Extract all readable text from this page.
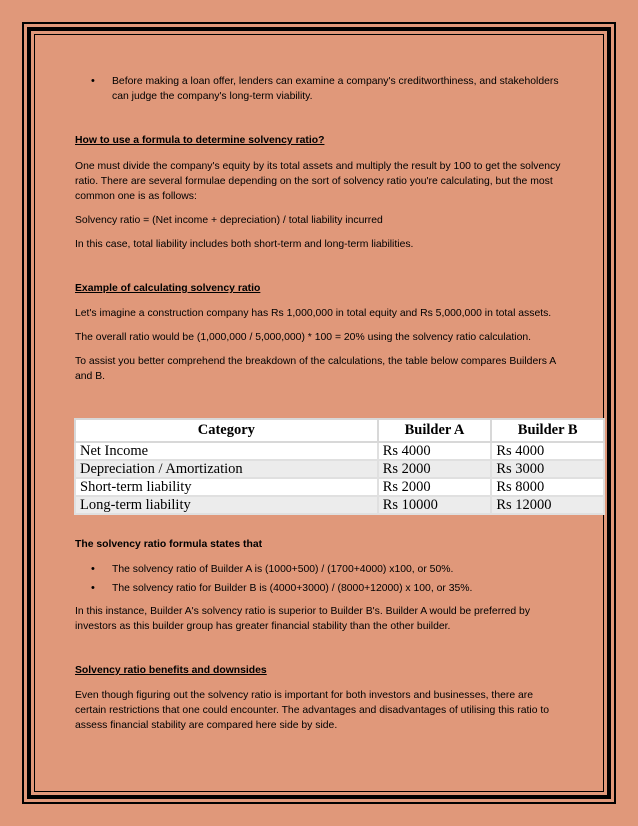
• Before making a loan offer, lenders can examine a company's creditworthiness, and stakeholders can judge the company's long-term viability.

How to use a formula to determine solvency ratio?

One must divide the company's equity by its total assets and multiply the result by 100 to get the solvency ratio. There are several formulae depending on the sort of solvency ratio you're calculating, but the most common one is as follows:

Solvency ratio = (Net income + depreciation) / total liability incurred

In this case, total liability includes both short-term and long-term liabilities.

Example of calculating solvency ratio

Let's imagine a construction company has Rs 1,000,000 in total equity and Rs 5,000,000 in total assets.

The overall ratio would be (1,000,000 / 5,000,000) * 100 = 20% using the solvency ratio calculation.

To assist you better comprehend the breakdown of the calculations, the table below compares Builders A and B.

Category	Builder A	Builder B
Net Income	Rs 4000	Rs 4000
Depreciation / Amortization	Rs 2000	Rs 3000
Short-term liability	Rs 2000	Rs 8000
Long-term liability	Rs 10000	Rs 12000

The solvency ratio formula states that

• The solvency ratio of Builder A is (1000+500) / (1700+4000) x100, or 50%.
• The solvency ratio for Builder B is (4000+3000) / (8000+12000) x 100, or 35%.

In this instance, Builder A's solvency ratio is superior to Builder B's. Builder A would be preferred by investors as this builder group has greater financial stability than the other builder.

Solvency ratio benefits and downsides

Even though figuring out the solvency ratio is important for both investors and businesses, there are certain restrictions that one could encounter. The advantages and disadvantages of utilising this ratio to assess financial stability are compared here side by side.
